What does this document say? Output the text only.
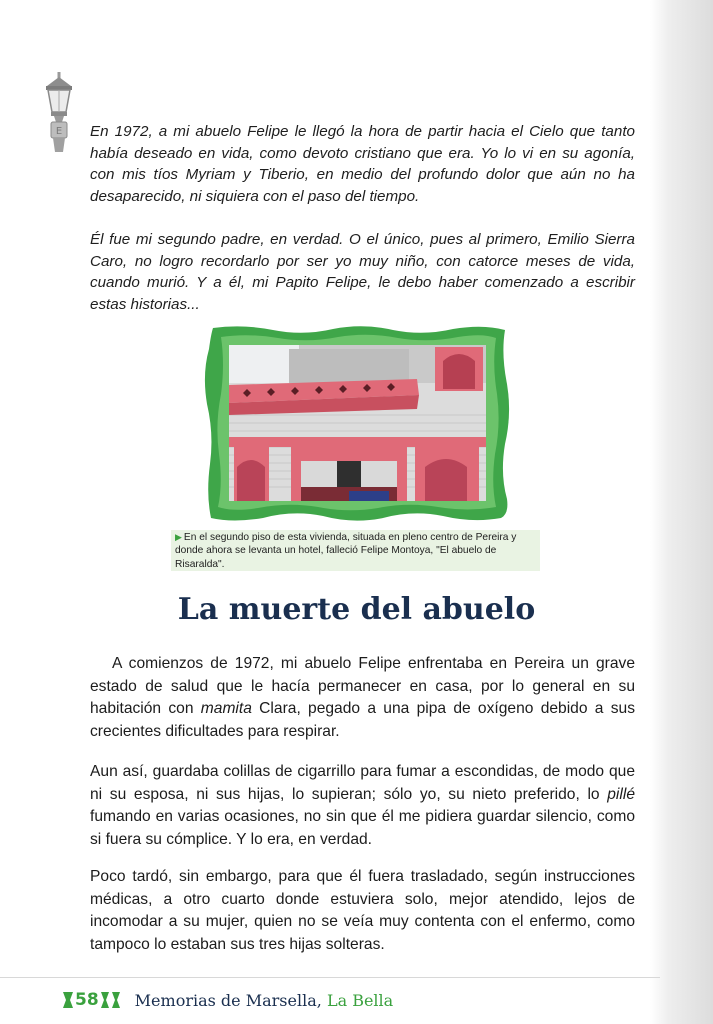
E En 1972, a mi abuelo Felipe le llegó la hora de partir hacia el Cielo que tanto había deseado en vida, como devoto cristiano que era. Yo lo vi en su agonía, con mis tíos Myriam y Tiberio, en medio del profundo dolor que aún no ha desaparecido, ni siquiera con el paso del tiempo.

Él fue mi segundo padre, en verdad. O el único, pues al primero, Emilio Sierra Caro, no logro recordarlo por ser yo muy niño, con catorce meses de vida, cuando murió. Y a él, mi Papito Felipe, le debo haber comenzado a escribir estas historias...

▶ En el segundo piso de esta vivienda, situada en pleno centro de Pereira y donde ahora se levanta un hotel, falleció Felipe Montoya, "El abuelo de Risaralda".
La muerte del abuelo

A comienzos de 1972, mi abuelo Felipe enfrentaba en Pereira un grave estado de salud que le hacía permanecer en casa, por lo general en su habitación con mamita Clara, pegado a una pipa de oxígeno debido a sus crecientes dificultades para respirar.

Aun así, guardaba colillas de cigarrillo para fumar a escondidas, de modo que ni su esposa, ni sus hijas, lo supieran; sólo yo, su nieto preferido, lo pillé fumando en varias ocasiones, no sin que él me pidiera guardar silencio, como si fuera su cómplice. Y lo era, en verdad.

Poco tardó, sin embargo, para que él fuera trasladado, según instrucciones médicas, a otro cuarto donde estuviera solo, mejor atendido, lejos de incomodar a su mujer, quien no se veía muy contenta con el enfermo, como tampoco lo estaban sus tres hijas solteras.

58 Memorias de Marsella, La Bella
